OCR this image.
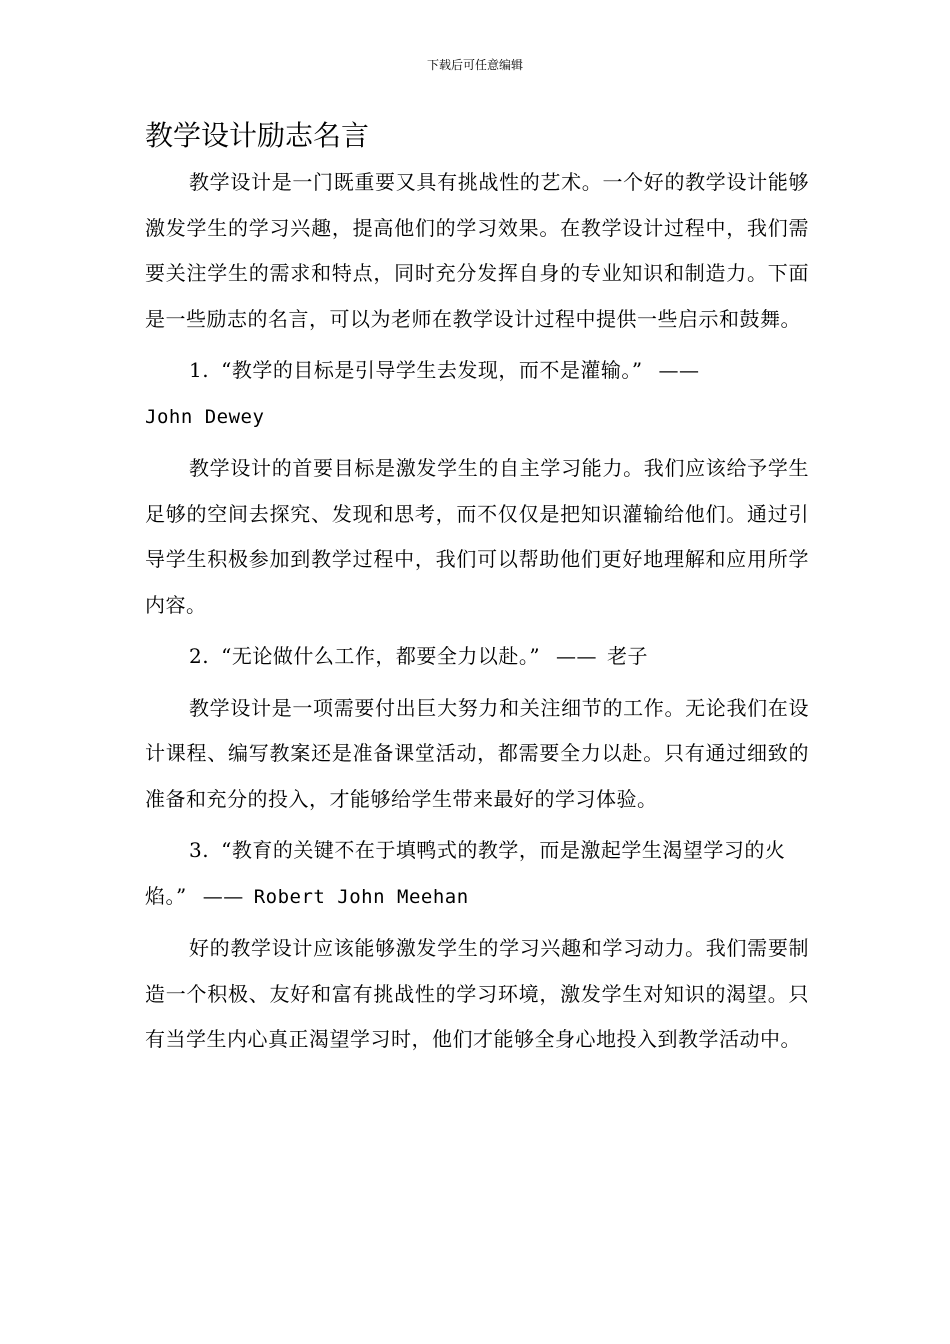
下载后可任意编辑
教学设计励志名言

教学设计是一门既重要又具有挑战性的艺术。一个好的教学设计能够激发学生的学习兴趣，提高他们的学习效果。在教学设计过程中，我们需要关注学生的需求和特点，同时充分发挥自身的专业知识和制造力。下面是一些励志的名言，可以为老师在教学设计过程中提供一些启示和鼓舞。

1. “教学的目标是引导学生去发现，而不是灌输。” ——
John Dewey

教学设计的首要目标是激发学生的自主学习能力。我们应该给予学生足够的空间去探究、发现和思考，而不仅仅是把知识灌输给他们。通过引导学生积极参加到教学过程中，我们可以帮助他们更好地理解和应用所学内容。

2. “无论做什么工作，都要全力以赴。” —— 老子

教学设计是一项需要付出巨大努力和关注细节的工作。无论我们在设计课程、编写教案还是准备课堂活动，都需要全力以赴。只有通过细致的准备和充分的投入，才能够给学生带来最好的学习体验。

3. “教育的关键不在于填鸭式的教学，而是激起学生渴望学习的火焰。” —— Robert John Meehan

好的教学设计应该能够激发学生的学习兴趣和学习动力。我们需要制造一个积极、友好和富有挑战性的学习环境，激发学生对知识的渴望。只有当学生内心真正渴望学习时，他们才能够全身心地投入到教学活动中。
